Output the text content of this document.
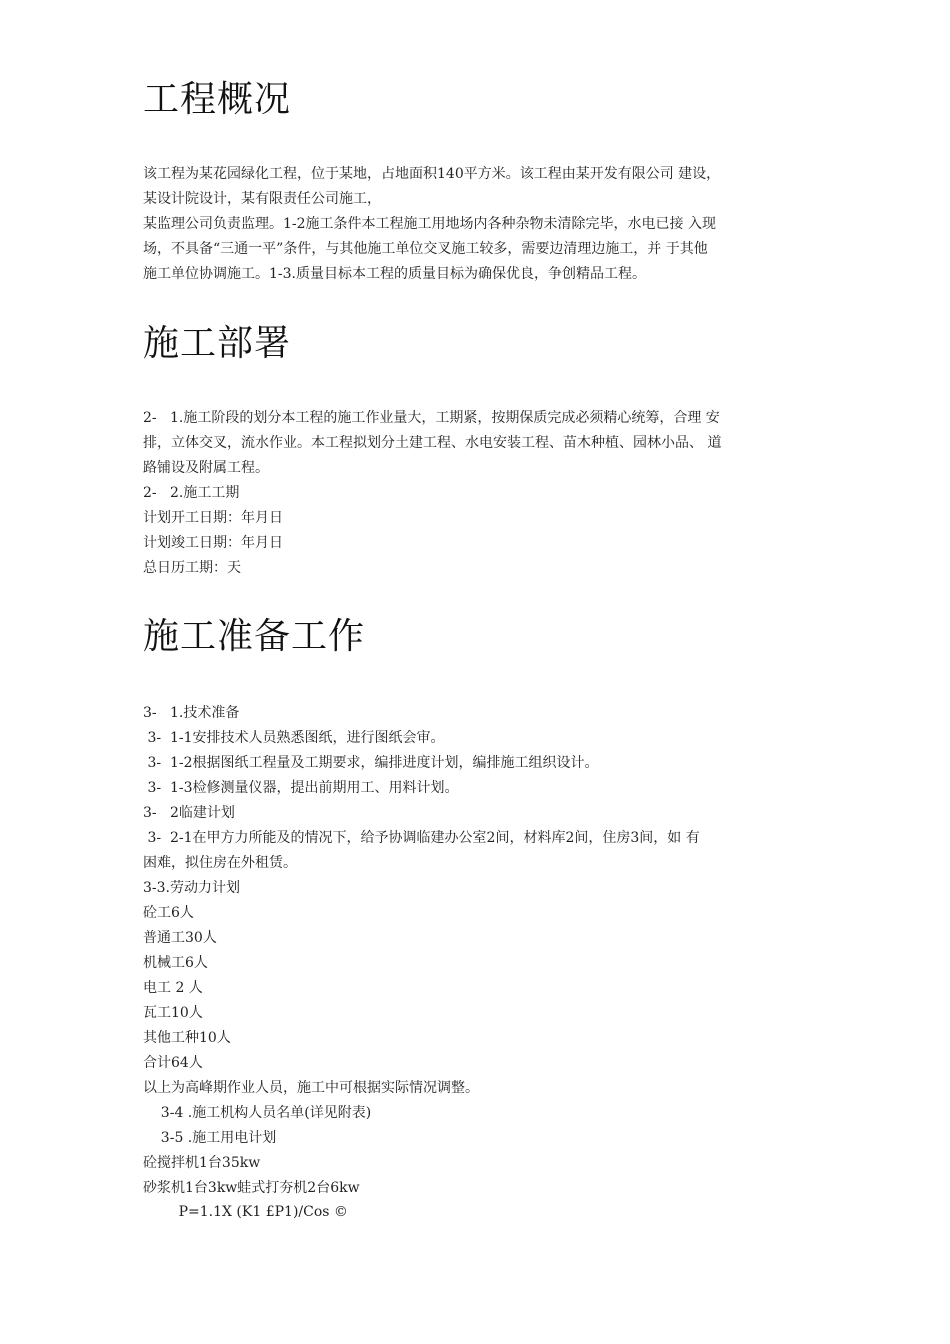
工程概况
该工程为某花园绿化工程，位于某地，占地面积140平方米。该工程由某开发有限公司 建设，
某设计院设计，某有限责任公司施工，
某监理公司负责监理。1-2施工条件本工程施工用地场内各种杂物未清除完毕，水电已接 入现
场，不具备“三通一平”条件，与其他施工单位交叉施工较多，需要边清理边施工，并 于其他
施工单位协调施工。1-3.质量目标本工程的质量目标为确保优良，争创精品工程。
施工部署
2-   1.施工阶段的划分本工程的施工作业量大，工期紧，按期保质完成必须精心统筹，合理 安
排，立体交叉，流水作业。本工程拟划分土建工程、水电安装工程、苗木种植、园林小品、 道
路铺设及附属工程。
2-   2.施工工期
计划开工日期：年月日
计划竣工日期：年月日
总日历工期：天
施工准备工作
3-   1.技术准备
3-  1-1安排技术人员熟悉图纸，进行图纸会审。
3-  1-2根据图纸工程量及工期要求，编排进度计划，编排施工组织设计。
3-  1-3检修测量仪器，提出前期用工、用料计划。
3-   2临建计划
3-  2-1在甲方力所能及的情况下，给予协调临建办公室2间，材料库2间，住房3间，如 有
困难，拟住房在外租赁。
3-3.劳动力计划
砼工6人
普通工30人
机械工6人
电工 2 人
瓦工10人
其他工种10人
合计64人
以上为高峰期作业人员，施工中可根据实际情况调整。
3-4 .施工机构人员名单(详见附表)
3-5 .施工用电计划
砼搅拌机1台35kw
砂浆机1台3kw蛙式打夯机2台6kw
P=1.1X (K1 £P1)/Cos ©
